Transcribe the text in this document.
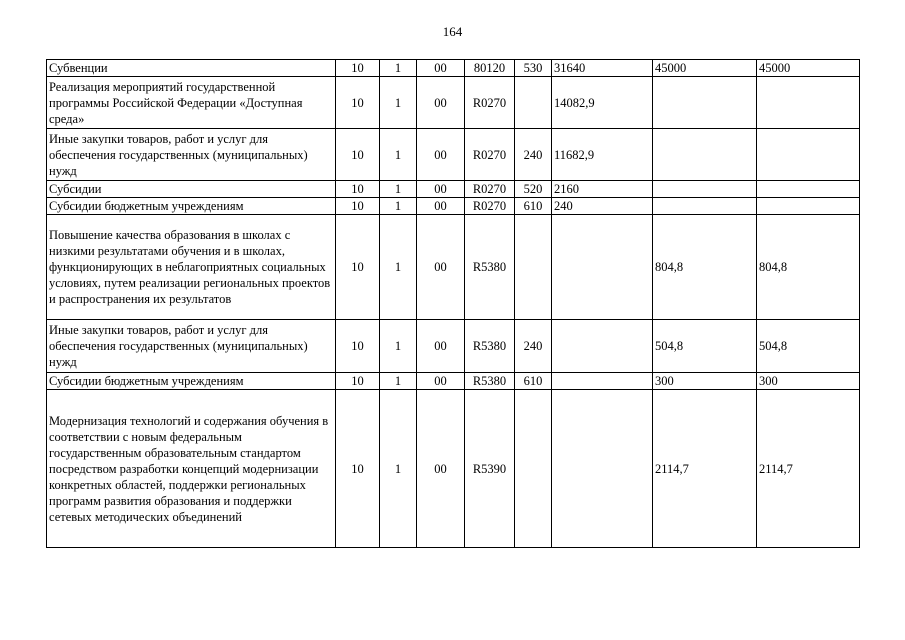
164
Субвенции	10	1	00	80120	530	31640	45000	45000
Реализация мероприятий государственной программы Российской Федерации «Доступная среда»	10	1	00	R0270		14082,9		
Иные закупки товаров, работ и услуг для обеспечения государственных (муниципальных) нужд	10	1	00	R0270	240	11682,9		
Субсидии	10	1	00	R0270	520	2160		
Субсидии бюджетным учреждениям	10	1	00	R0270	610	240		
Повышение качества образования в школах с низкими результатами обучения и в школах, функционирующих в неблагоприятных социальных условиях, путем реализации региональных проектов и распространения их результатов	10	1	00	R5380			804,8	804,8
Иные закупки товаров, работ и услуг для обеспечения государственных (муниципальных) нужд	10	1	00	R5380	240		504,8	504,8
Субсидии бюджетным учреждениям	10	1	00	R5380	610		300	300
Модернизация технологий и содержания обучения в соответствии с новым федеральным государственным образовательным стандартом посредством разработки концепций модернизации конкретных областей, поддержки региональных программ развития образования и поддержки сетевых методических объединений	10	1	00	R5390			2114,7	2114,7
